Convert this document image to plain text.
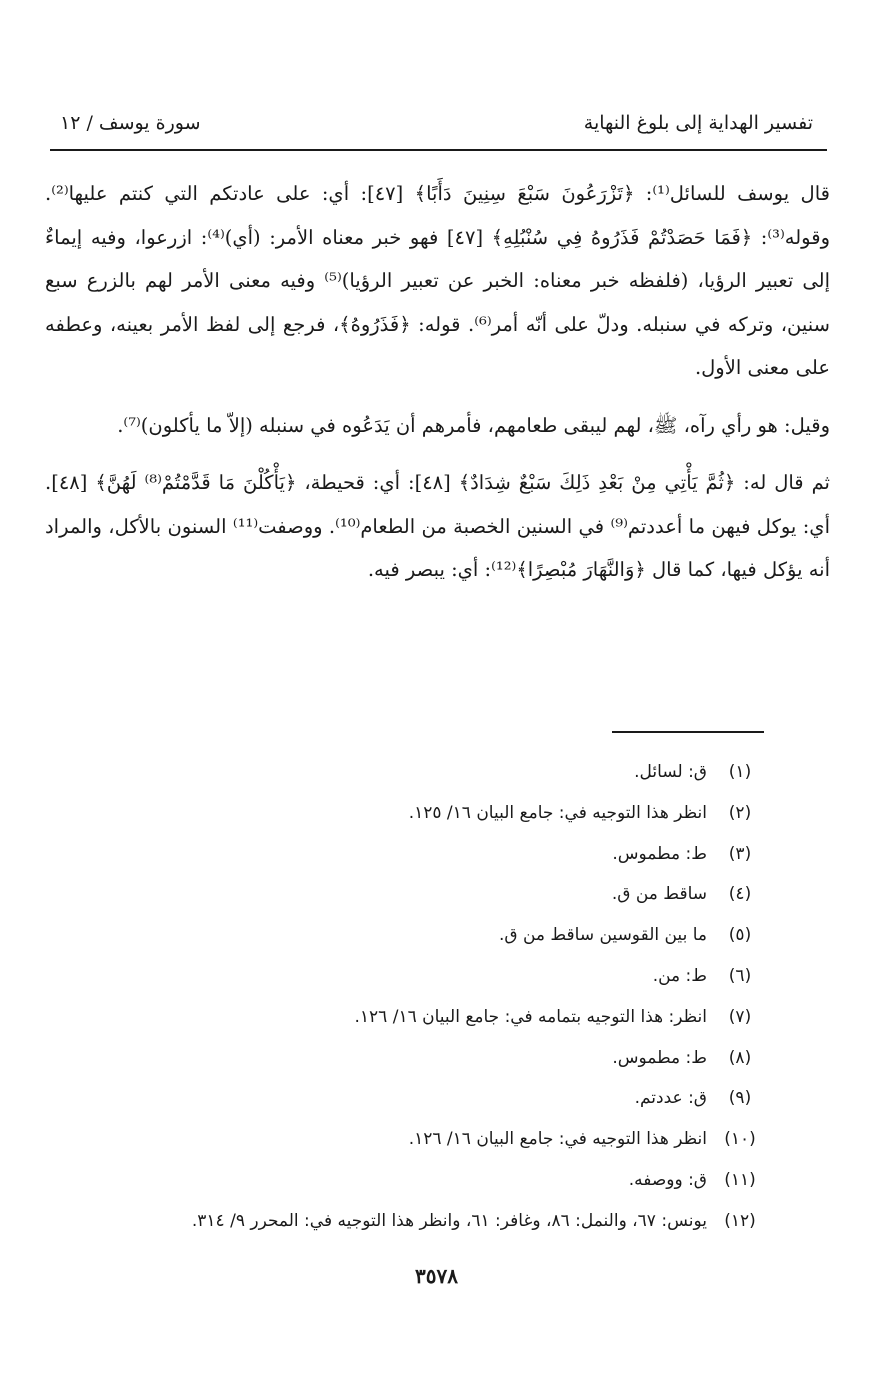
تفسير الهداية إلى بلوغ النهاية
سورة يوسف / ١٢

قال يوسف للسائل⁽¹⁾: ﴿تَزْرَعُونَ سَبْعَ سِنِينَ دَأَبًا﴾ [٤٧]: أي: على عادتكم التي كنتم عليها⁽²⁾. وقوله⁽³⁾: ﴿فَمَا حَصَدْتُمْ فَذَرُوهُ فِي سُنْبُلِهِ﴾ [٤٧] فهو خبر معناه الأمر: (أي)⁽⁴⁾: ازرعوا، وفيه إيماءٌ إلى تعبير الرؤيا، (فلفظه خبر معناه: الخبر عن تعبير الرؤيا)⁽⁵⁾ وفيه معنى الأمر لهم بالزرع سبع سنين، وتركه في سنبله. ودلّ على أنّه أمر⁽⁶⁾. قوله: ﴿فَذَرُوهُ﴾، فرجع إلى لفظ الأمر بعينه، وعطفه على معنى الأول.

وقيل: هو رأي رآه، ﷺ، لهم ليبقى طعامهم، فأمرهم أن يَدَعُوه في سنبله (إلاّ ما يأكلون)⁽⁷⁾.

ثم قال له: ﴿ثُمَّ يَأْتِي مِنْ بَعْدِ ذَلِكَ سَبْعٌ شِدَادٌ﴾ [٤٨]: أي: قحيطة، ﴿يَأْكُلْنَ مَا قَدَّمْتُمْ⁽⁸⁾ لَهُنَّ﴾ [٤٨]. أي: يوكل فيهن ما أعددتم⁽⁹⁾ في السنين الخصبة من الطعام⁽¹⁰⁾. ووصفت⁽¹¹⁾ السنون بالأكل، والمراد أنه يؤكل فيها، كما قال ﴿وَالنَّهَارَ مُبْصِرًا﴾⁽¹²⁾: أي: يبصر فيه.

(١)ق: لسائل.
(٢)انظر هذا التوجيه في: جامع البيان ١٦/ ١٢٥.
(٣)ط: مطموس.
(٤)ساقط من ق.
(٥)ما بين القوسين ساقط من ق.
(٦)ط: من.
(٧)انظر: هذا التوجيه بتمامه في: جامع البيان ١٦/ ١٢٦.
(٨)ط: مطموس.
(٩)ق: عددتم.
(١٠)انظر هذا التوجيه في: جامع البيان ١٦/ ١٢٦.
(١١)ق: ووصفه.
(١٢)يونس: ٦٧، والنمل: ٨٦، وغافر: ٦١، وانظر هذا التوجيه في: المحرر ٩/ ٣١٤.
٣٥٧٨
